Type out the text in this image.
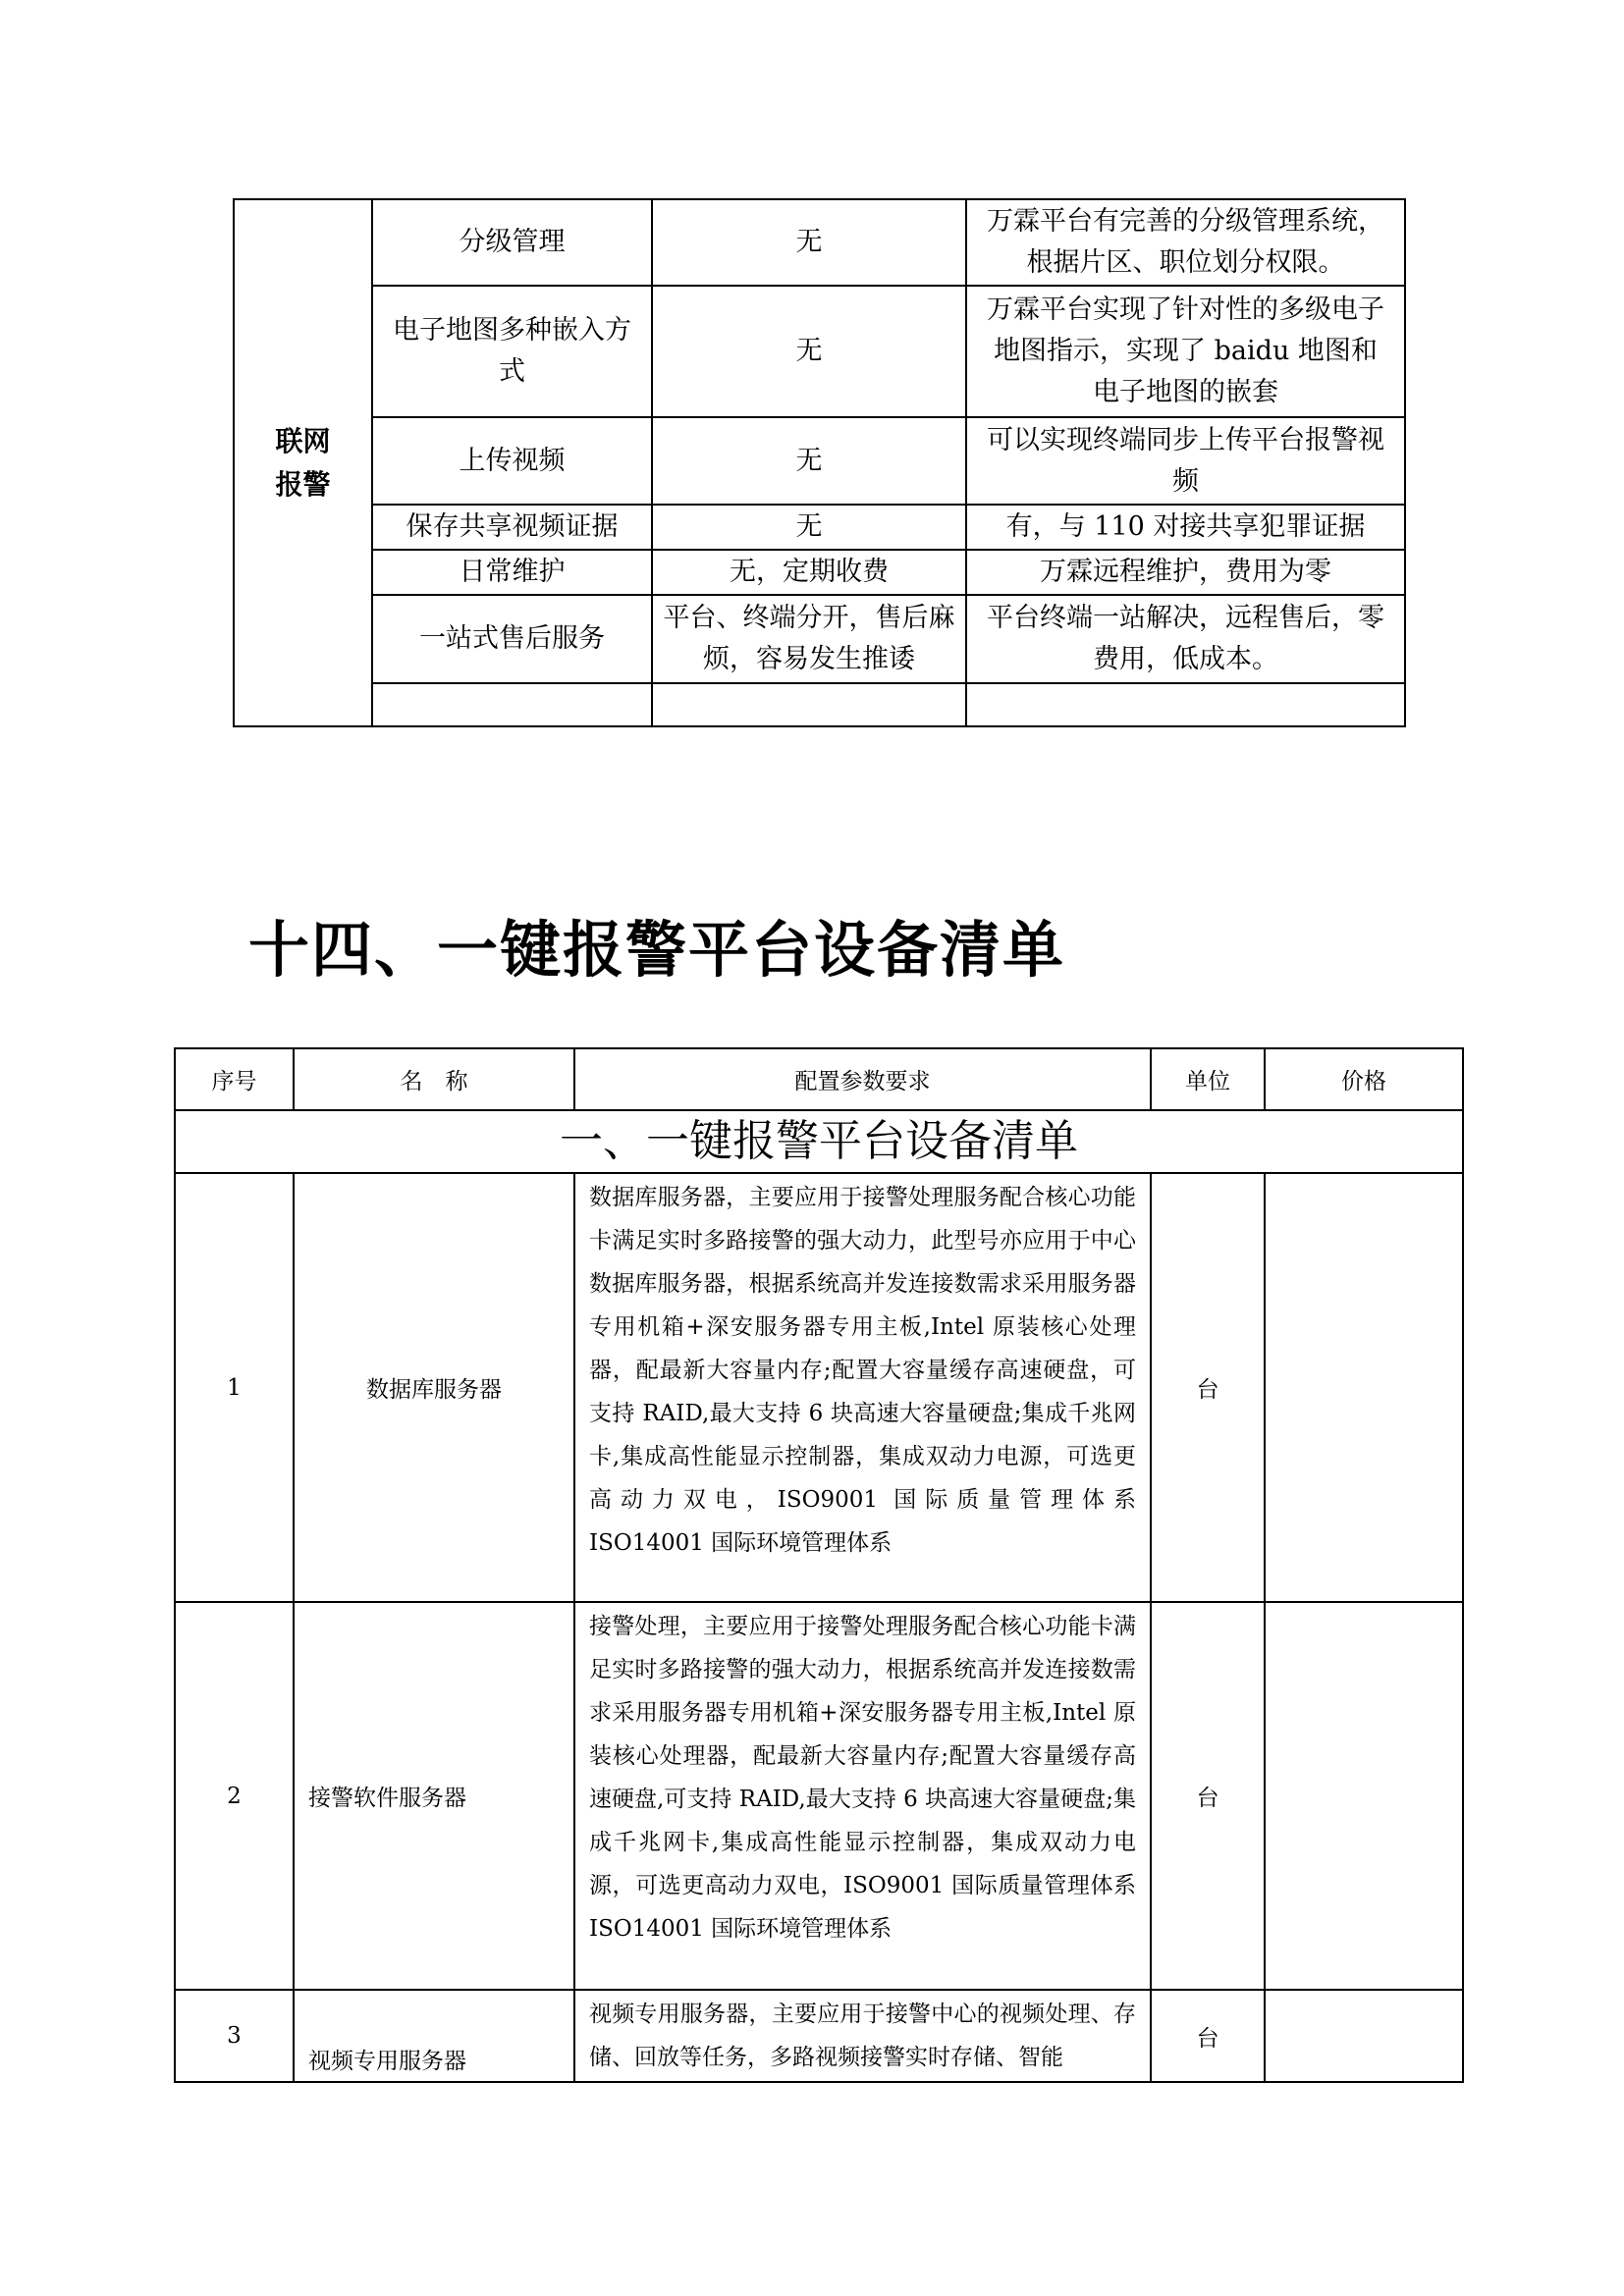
联网
报警	分级管理	无	万霖平台有完善的分级管理系统，根据片区、职位划分权限。
	电子地图多种嵌入方式	无	万霖平台实现了针对性的多级电子地图指示，实现了 baidu 地图和电子地图的嵌套
	上传视频	无	可以实现终端同步上传平台报警视频
	保存共享视频证据	无	有，与 110 对接共享犯罪证据
	日常维护	无，定期收费	万霖远程维护，费用为零
	一站式售后服务	平台、终端分开，售后麻烦，容易发生推诿	平台终端一站解决，远程售后，零费用，低成本。

十四、一键报警平台设备清单
序号	名　称	配置参数要求	单位	价格
一、一键报警平台设备清单				
1	数据库服务器	数据库服务器，主要应用于接警处理服务配合核心功能卡满足实时多路接警的强大动力，此型号亦应用于中心数据库服务器，根据系统高并发连接数需求采用服务器专用机箱+深安服务器专用主板,Intel 原装核心处理器，配最新大容量内存;配置大容量缓存高速硬盘，可支持 RAID,最大支持 6 块高速大容量硬盘;集成千兆网卡,集成高性能显示控制器，集成双动力电源，可选更高动力双电，ISO9001 国际质量管理体系　ISO14001 国际环境管理体系	台	
2	接警软件服务器	接警处理，主要应用于接警处理服务配合核心功能卡满足实时多路接警的强大动力，根据系统高并发连接数需求采用服务器专用机箱+深安服务器专用主板,Intel 原装核心处理器，配最新大容量内存;配置大容量缓存高速硬盘,可支持 RAID,最大支持 6 块高速大容量硬盘;集成千兆网卡,集成高性能显示控制器，集成双动力电源，可选更高动力双电，ISO9001 国际质量管理体系　ISO14001 国际环境管理体系	台	
3	视频专用服务器	视频专用服务器，主要应用于接警中心的视频处理、存储、回放等任务，多路视频接警实时存储、智能	台	
